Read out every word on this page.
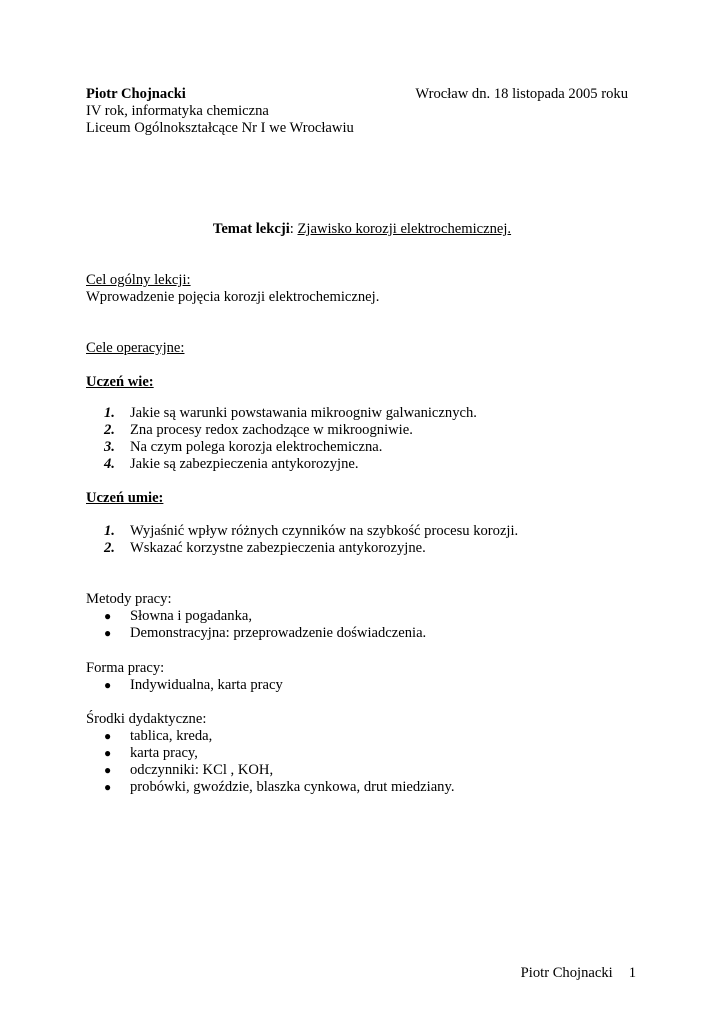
Piotr Chojnacki	Wrocław dn. 18 listopada 2005 roku
IV rok, informatyka chemiczna
Liceum Ogólnokształcące Nr I we Wrocławiu
Temat lekcji: Zjawisko korozji elektrochemicznej.
Cel ogólny lekcji:
Wprowadzenie pojęcia korozji elektrochemicznej.
Cele operacyjne:
Uczeń wie:
1. Jakie są warunki powstawania mikroogniw galwanicznych.
2. Zna procesy redox zachodzące w mikroogniwie.
3. Na czym polega korozja elektrochemiczna.
4. Jakie są zabezpieczenia antykorozyjne.
Uczeń umie:
1. Wyjaśnić wpływ różnych czynników na szybkość procesu korozji.
2. Wskazać korzystne zabezpieczenia antykorozyjne.
Metody pracy:
● Słowna i pogadanka,
● Demonstracyjna: przeprowadzenie doświadczenia.
Forma pracy:
● Indywidualna, karta pracy
Środki dydaktyczne:
● tablica, kreda,
● karta pracy,
● odczynniki: KCl , KOH,
● probówki, gwoździe, blaszka cynkowa, drut miedziany.
Piotr Chojnacki 1
